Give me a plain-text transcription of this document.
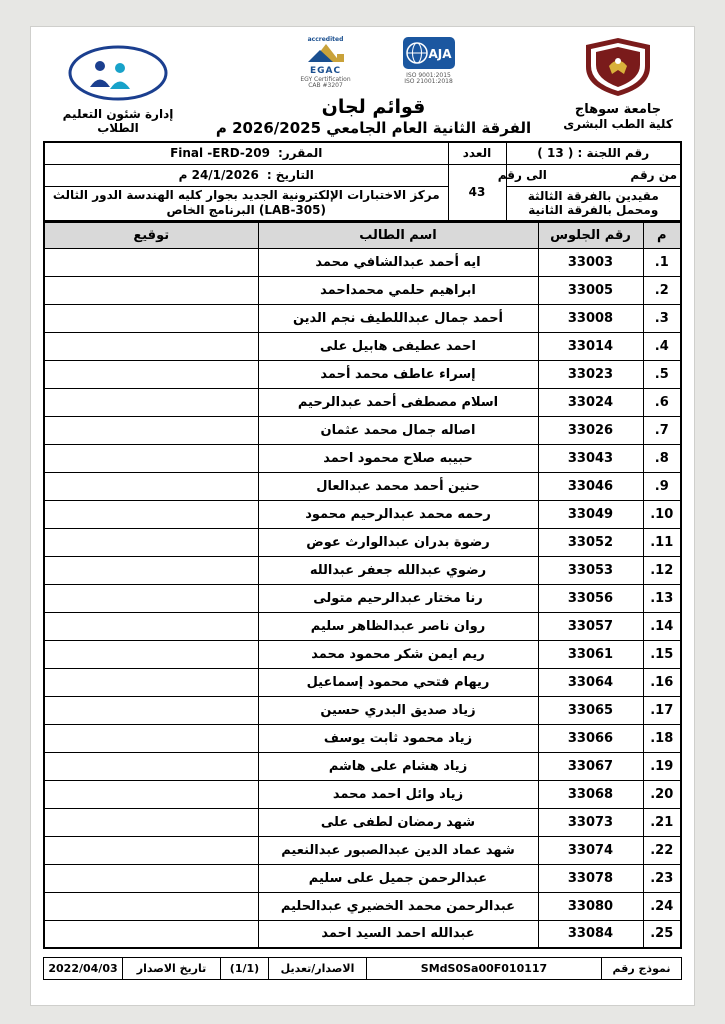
جامعة سوهاج
كلية الطب البشرى
accredited
EGAC
EGY Certification
CAB #3207
AJA
ISO 9001:2015
ISO 21001:2018
قوائم لجان
الفرقة الثانية العام الجامعي 2026/2025 م
إدارة شئون التعليم الطلاب
رقم اللجنة : ( 13 )	العدد	المقرر:Final -ERD-209
من رقم                    الى رقم	43	التاريخ :24/1/2026 م
مقيدين بالفرقة الثالثة ومحمل بالفرقة الثانية		مركز الاختبارات الإلكترونية الجديد بجوار كليه الهندسة الدور الثالث (LAB-305) البرنامج الخاص
م	رقم الجلوس	اسم الطالب	توقيع
1.	33003	ايه أحمد عبدالشافي محمد	
2.	33005	ابراهيم حلمي محمداحمد	
3.	33008	أحمد جمال عبداللطيف نجم الدين	
4.	33014	احمد عطيفى هابيل على	
5.	33023	إسراء عاطف محمد أحمد	
6.	33024	اسلام مصطفى أحمد عبدالرحيم	
7.	33026	اصاله جمال محمد عثمان	
8.	33043	حبيبه صلاح محمود احمد	
9.	33046	حنين أحمد محمد عبدالعال	
10.	33049	رحمه محمد عبدالرحيم محمود	
11.	33052	رضوة بدران عبدالوارث عوض	
12.	33053	رضوي عبدالله جعفر عبدالله	
13.	33056	رنا مختار عبدالرحيم متولى	
14.	33057	روان ناصر عبدالظاهر سليم	
15.	33061	ريم ايمن شكر محمود محمد	
16.	33064	ريهام فتحي محمود إسماعيل	
17.	33065	زياد صديق البدري حسين	
18.	33066	زياد محمود ثابت يوسف	
19.	33067	زياد هشام على هاشم	
20.	33068	زياد وائل احمد محمد	
21.	33073	شهد رمضان لطفى على	
22.	33074	شهد عماد الدين عبدالصبور عبدالنعيم	
23.	33078	عبدالرحمن جميل على سليم	
24.	33080	عبدالرحمن محمد الخضيري عبدالحليم	
25.	33084	عبدالله احمد السيد احمد	
نموذج رقم	SMdS0Sa00F010117	الاصدار/تعديل	(1/1)	تاريخ الاصدار	2022/04/03
